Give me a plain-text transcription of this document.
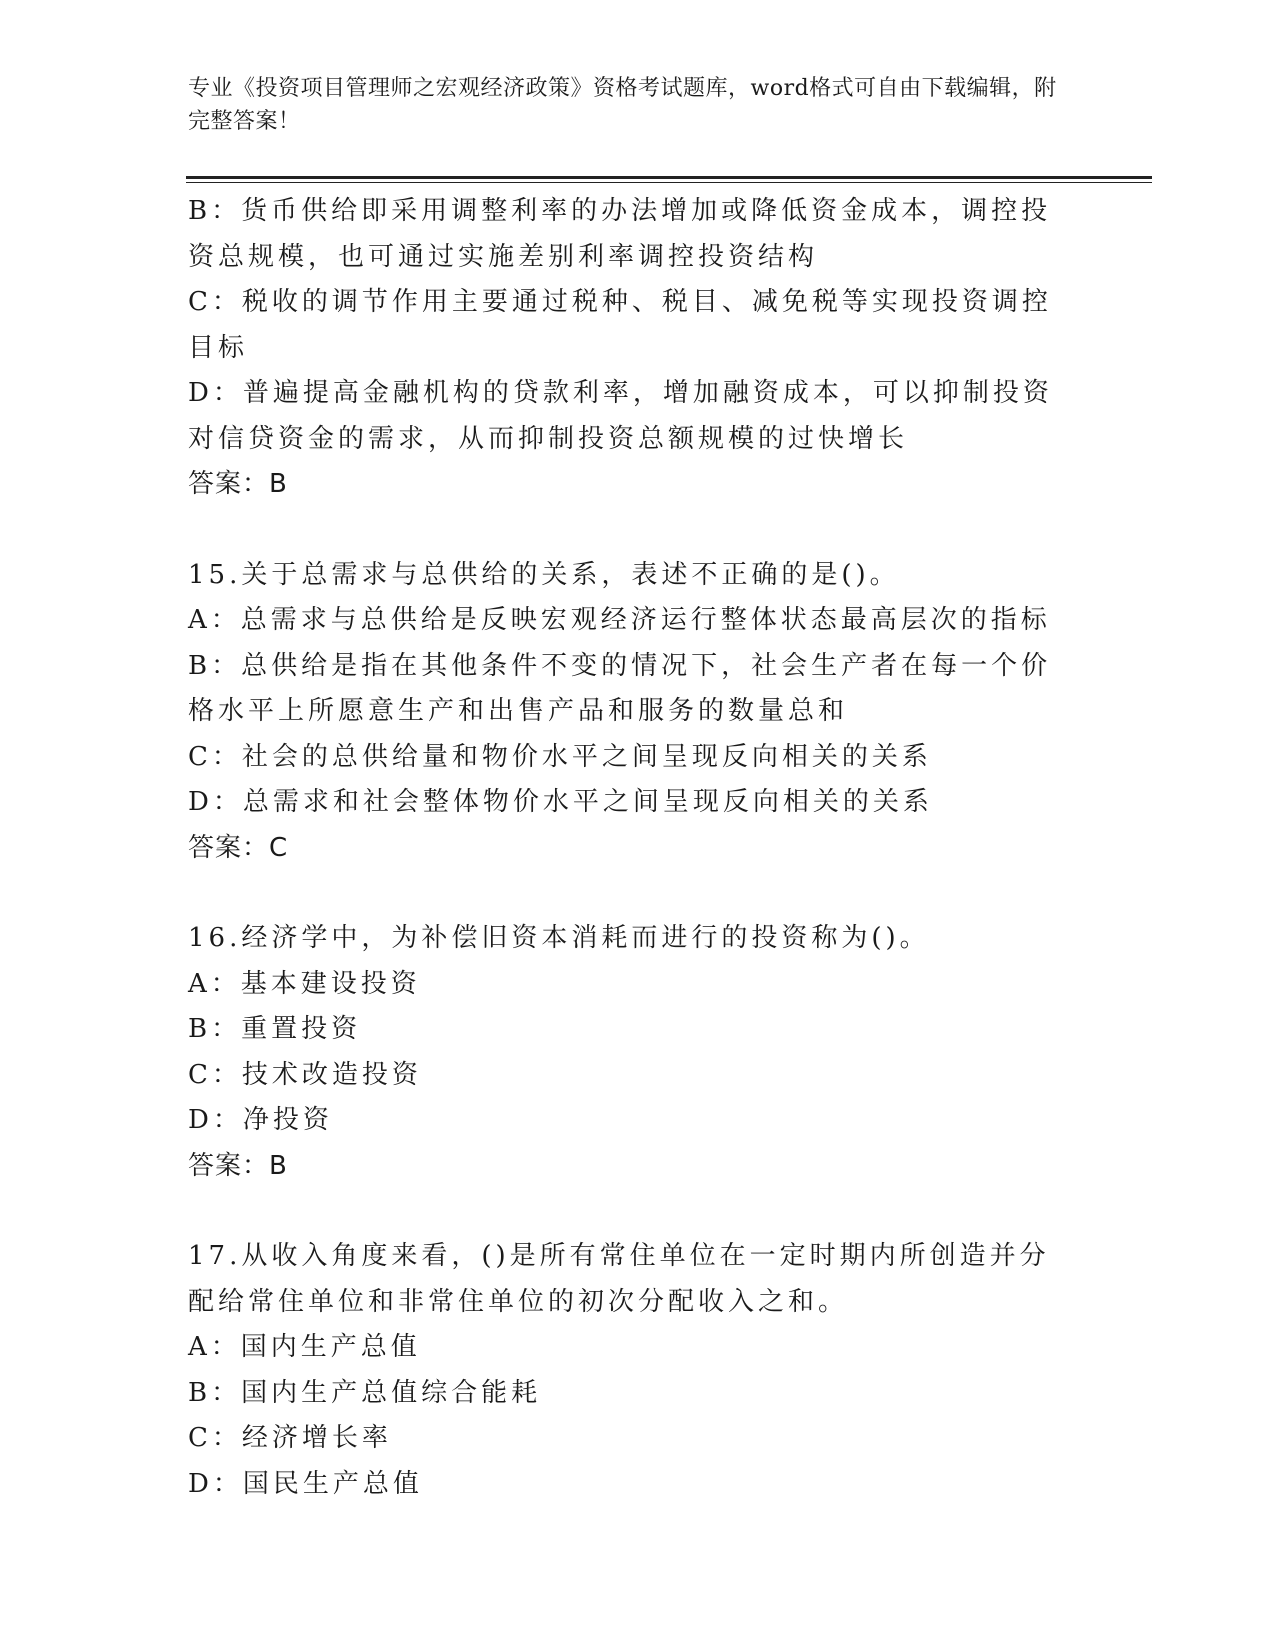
专业《投资项目管理师之宏观经济政策》资格考试题库，word格式可自由下载编辑，附完整答案！
B：货币供给即采用调整利率的办法增加或降低资金成本，调控投资总规模，也可通过实施差别利率调控投资结构
C：税收的调节作用主要通过税种、税目、减免税等实现投资调控目标
D：普遍提高金融机构的贷款利率，增加融资成本，可以抑制投资对信贷资金的需求，从而抑制投资总额规模的过快增长
答案：B
15.关于总需求与总供给的关系，表述不正确的是()。
A：总需求与总供给是反映宏观经济运行整体状态最高层次的指标
B：总供给是指在其他条件不变的情况下，社会生产者在每一个价格水平上所愿意生产和出售产品和服务的数量总和
C：社会的总供给量和物价水平之间呈现反向相关的关系
D：总需求和社会整体物价水平之间呈现反向相关的关系
答案：C
16.经济学中，为补偿旧资本消耗而进行的投资称为()。
A：基本建设投资
B：重置投资
C：技术改造投资
D：净投资
答案：B
17.从收入角度来看，()是所有常住单位在一定时期内所创造并分配给常住单位和非常住单位的初次分配收入之和。
A：国内生产总值
B：国内生产总值综合能耗
C：经济增长率
D：国民生产总值
